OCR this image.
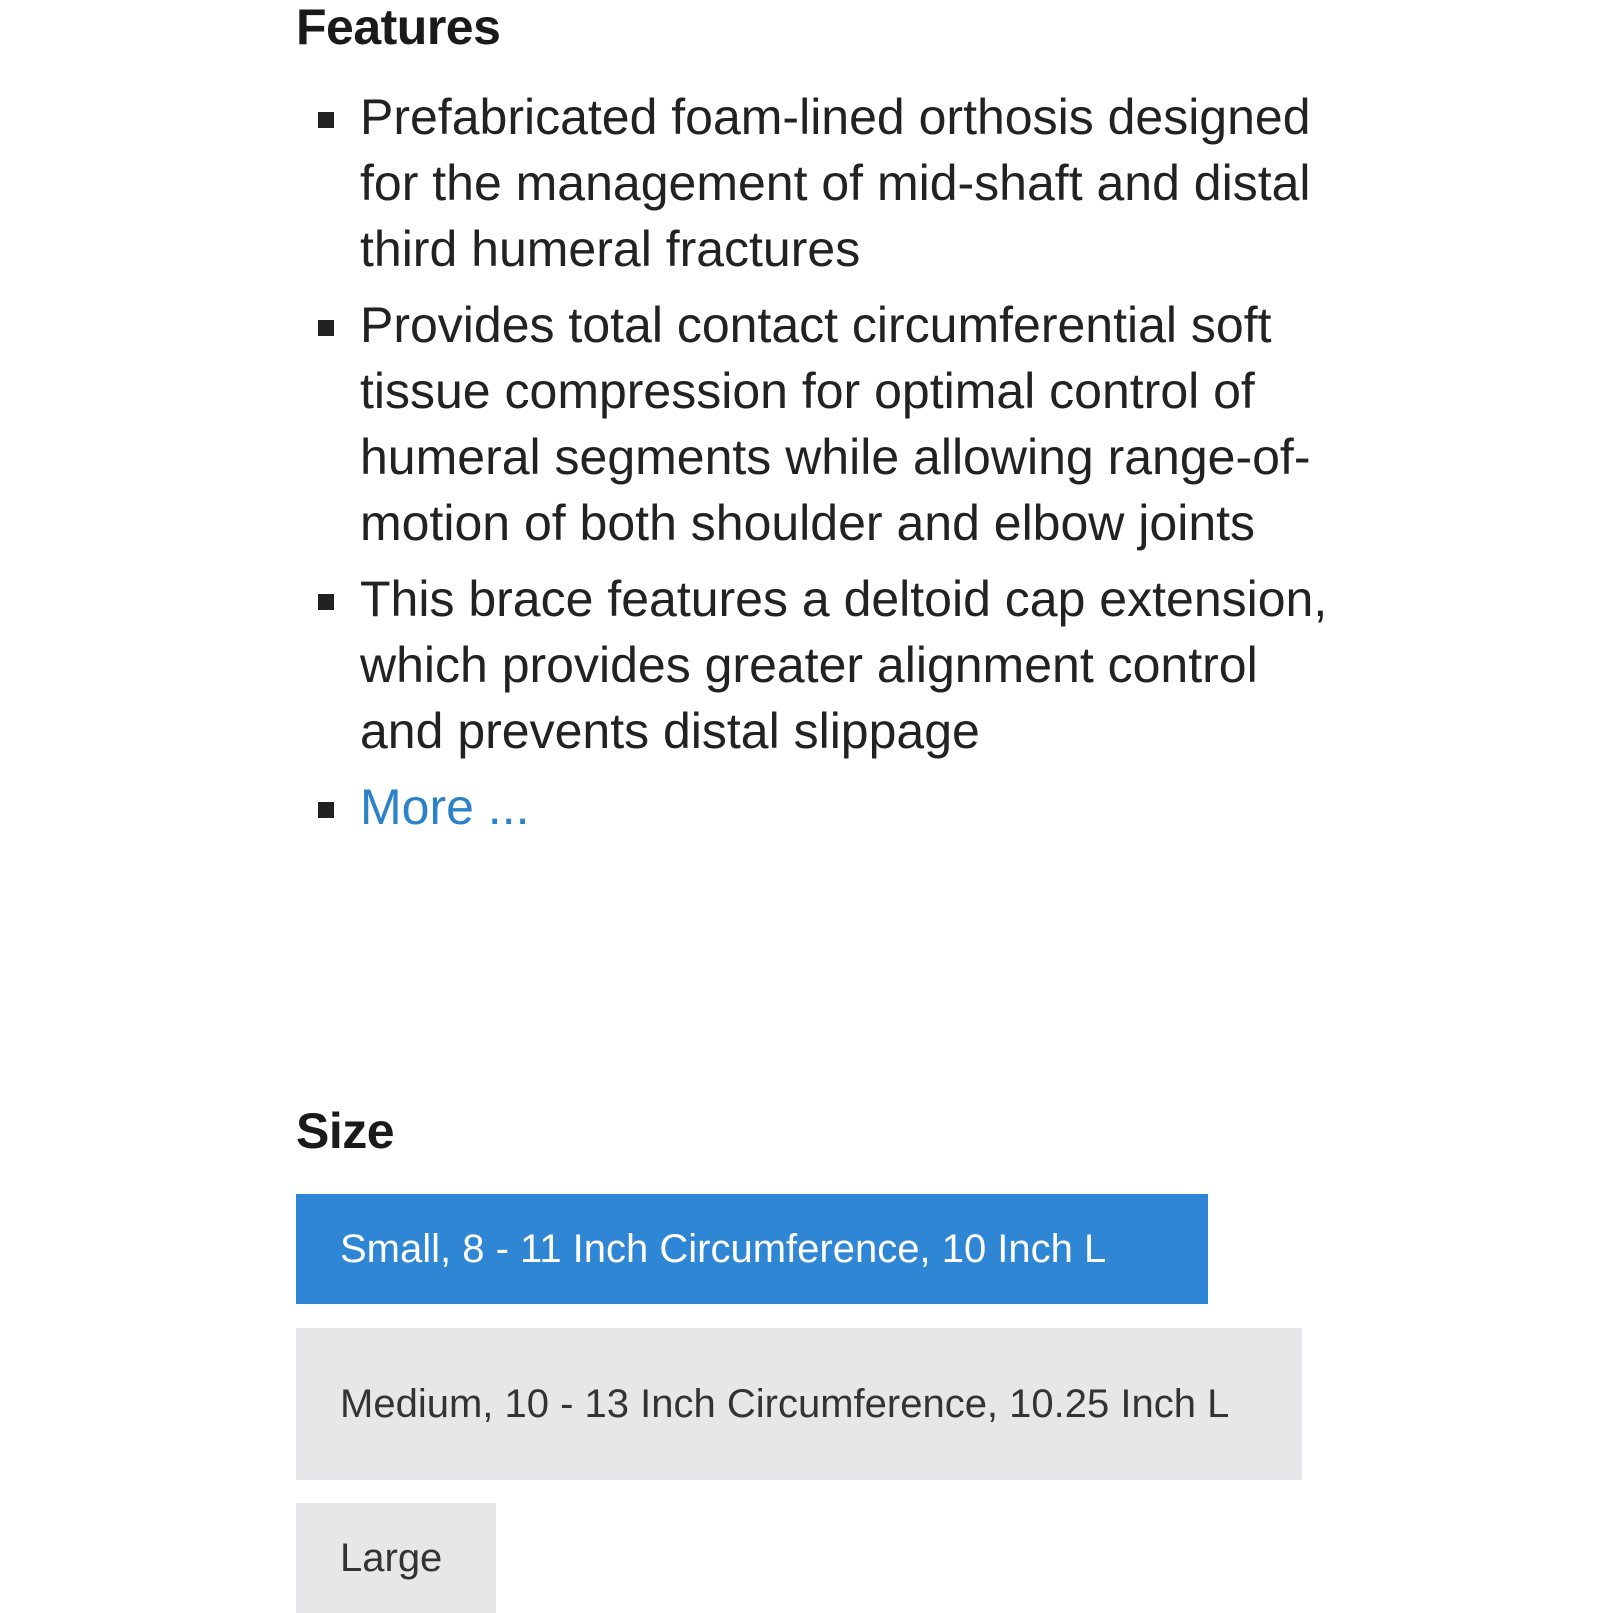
Features
Prefabricated foam-lined orthosis designed for the management of mid-shaft and distal third humeral fractures
Provides total contact circumferential soft tissue compression for optimal control of humeral segments while allowing range-of-motion of both shoulder and elbow joints
This brace features a deltoid cap extension, which provides greater alignment control and prevents distal slippage
More ...
Size
Small, 8 - 11 Inch Circumference, 10 Inch L
Medium, 10 - 13 Inch Circumference, 10.25 Inch L
Large
